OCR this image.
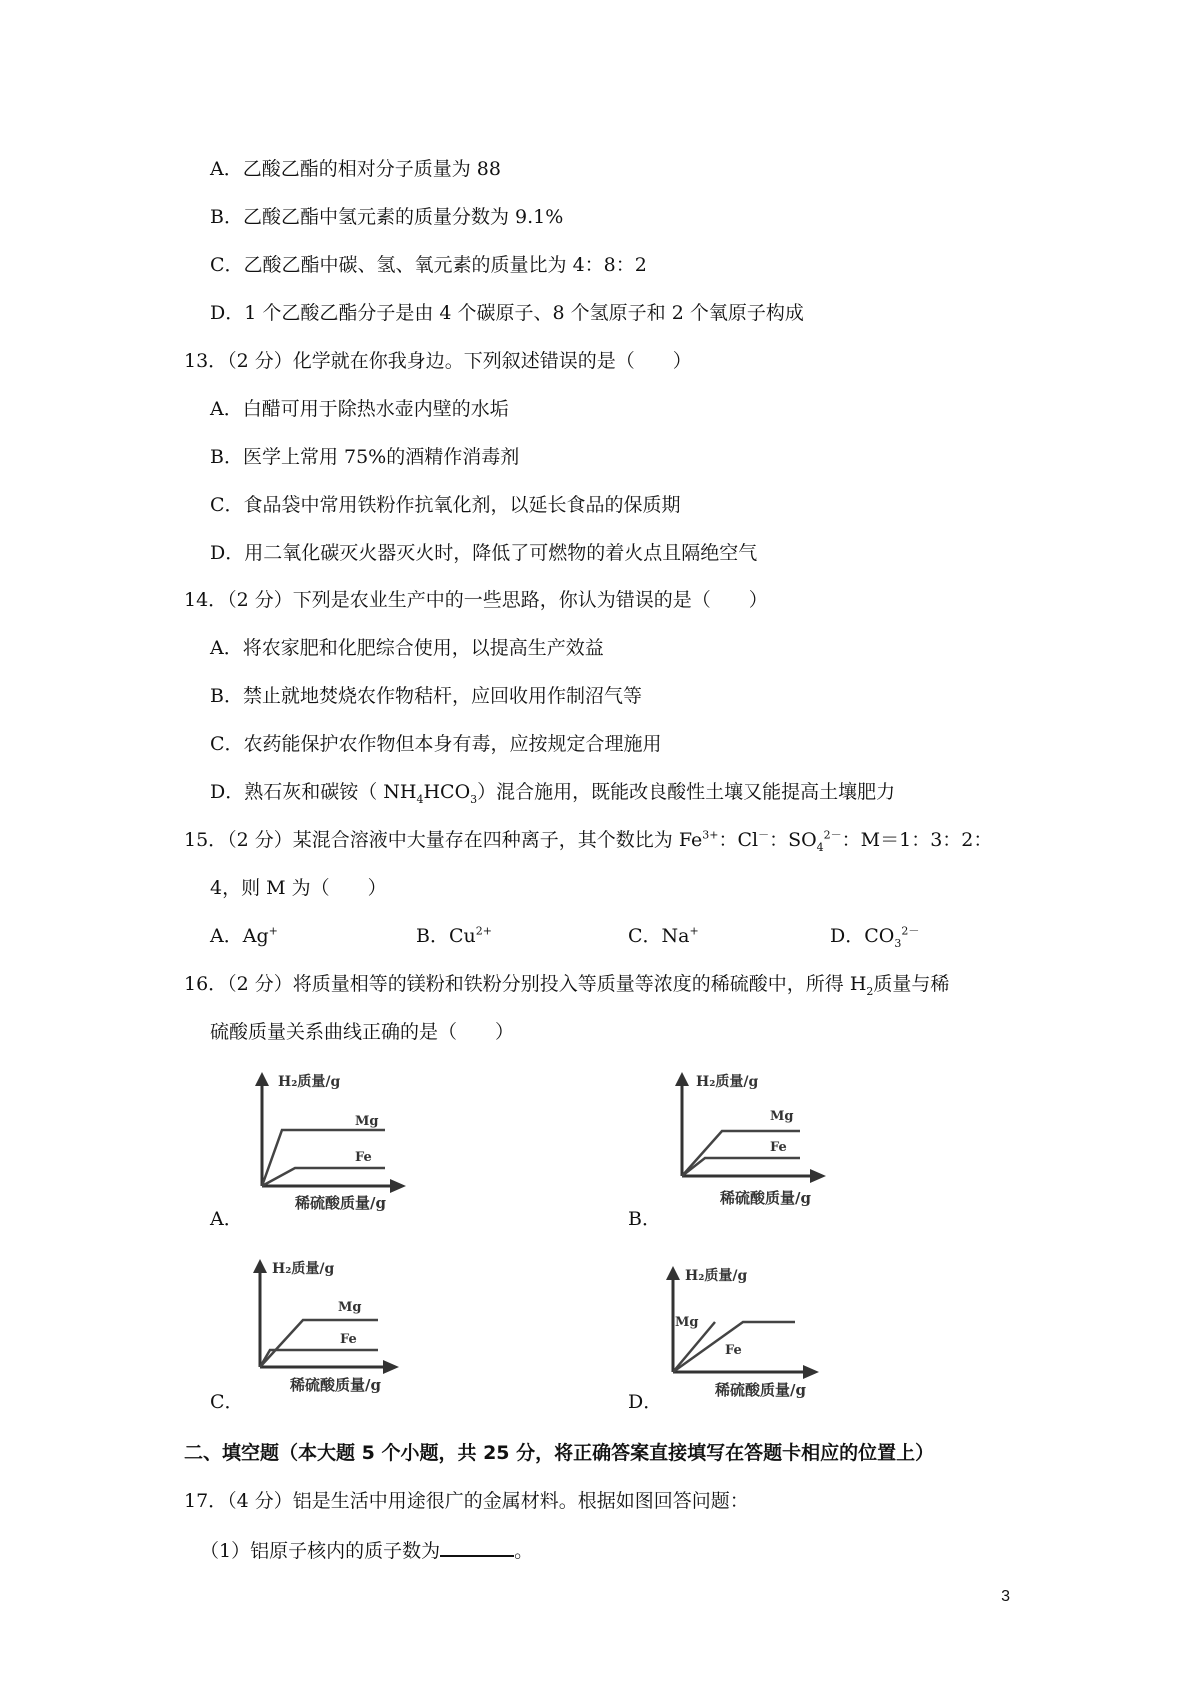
A．乙酸乙酯的相对分子质量为 88
B．乙酸乙酯中氢元素的质量分数为 9.1%
C．乙酸乙酯中碳、氢、氧元素的质量比为 4：8：2
D．1 个乙酸乙酯分子是由 4 个碳原子、8 个氢原子和 2 个氧原子构成
13．（2 分）化学就在你我身边。下列叙述错误的是（　　）
A．白醋可用于除热水壶内壁的水垢
B．医学上常用 75%的酒精作消毒剂
C．食品袋中常用铁粉作抗氧化剂，以延长食品的保质期
D．用二氧化碳灭火器灭火时，降低了可燃物的着火点且隔绝空气
14．（2 分）下列是农业生产中的一些思路，你认为错误的是（　　）
A．将农家肥和化肥综合使用，以提高生产效益
B．禁止就地焚烧农作物秸杆，应回收用作制沼气等
C．农药能保护农作物但本身有毒，应按规定合理施用
D．熟石灰和碳铵（ $NH_4HCO_3$）混合施用，既能改良酸性土壤又能提高土壤肥力
15．（2 分）某混合溶液中大量存在四种离子，其个数比为 $Fe^{3+}$：Cl－：$SO_4^{2-}$：M＝1：3：2：
4，则 M 为（　　）
A．Ag+	B．$Cu^{2+}$	C．Na+	D．$CO_3^{2-}$
16．（2 分）将质量相等的镁粉和铁粉分别投入等质量等浓度的稀硫酸中，所得 $H_2$质量与稀
硫酸质量关系曲线正确的是（　　）
A．
H₂质量/g
Mg
Fe
稀硫酸质量/g
B．
H₂质量/g
Mg
Fe
稀硫酸质量/g
C．
H₂质量/g
Mg
Fe
稀硫酸质量/g
D．
H₂质量/g
Mg
Fe
稀硫酸质量/g
二、填空题（本大题 5 个小题，共 25 分，将正确答案直接填写在答题卡相应的位置上）
17．（4 分）铝是生活中用途很广的金属材料。根据如图回答问题：
（1）铝原子核内的质子数为	。
3
